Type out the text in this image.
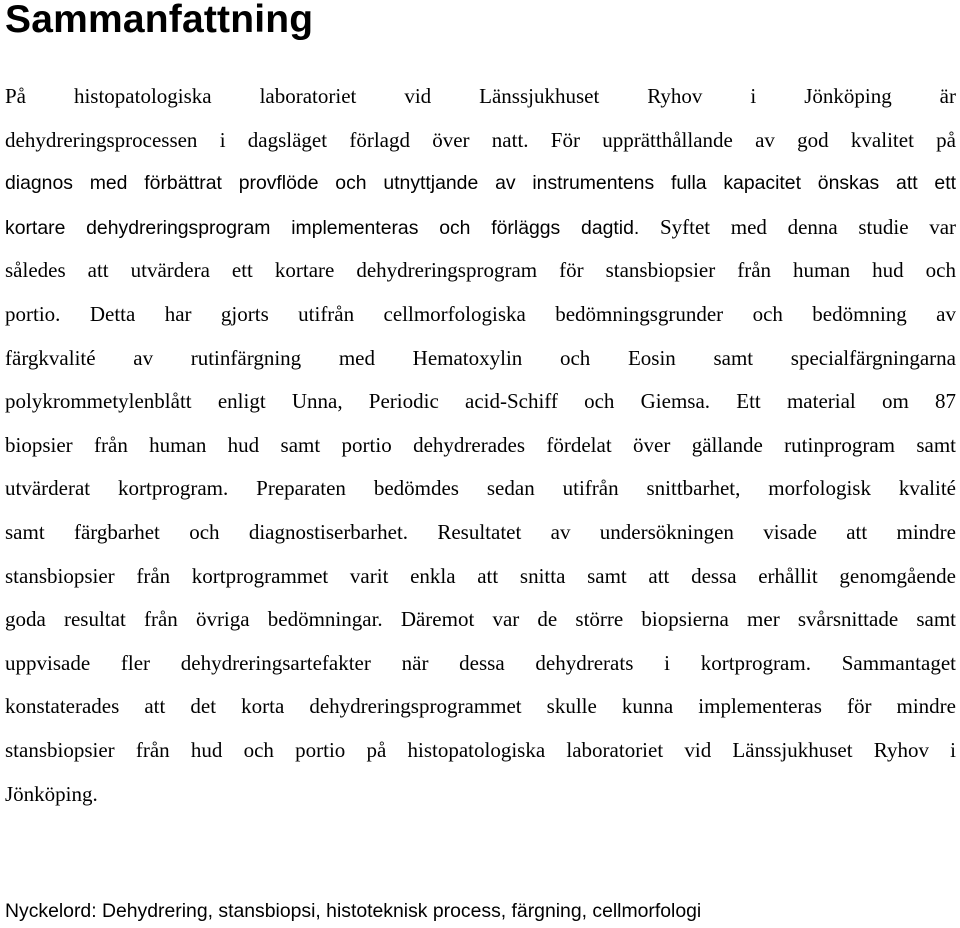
Sammanfattning
På histopatologiska laboratoriet vid Länssjukhuset Ryhov i Jönköping är
dehydreringsprocessen i dagsläget förlagd över natt. För upprätthållande av god kvalitet på
diagnos med förbättrat provflöde och utnyttjande av instrumentens fulla kapacitet önskas att ett
kortare dehydreringsprogram implementeras och förläggs dagtid. Syftet med denna studie var
således att utvärdera ett kortare dehydreringsprogram för stansbiopsier från human hud och
portio. Detta har gjorts utifrån cellmorfologiska bedömningsgrunder och bedömning av
färgkvalité av rutinfärgning med Hematoxylin och Eosin samt specialfärgningarna
polykrommetylenblått enligt Unna, Periodic acid-Schiff och Giemsa. Ett material om 87
biopsier från human hud samt portio dehydrerades fördelat över gällande rutinprogram samt
utvärderat kortprogram. Preparaten bedömdes sedan utifrån snittbarhet, morfologisk kvalité
samt färgbarhet och diagnostiserbarhet. Resultatet av undersökningen visade att mindre
stansbiopsier från kortprogrammet varit enkla att snitta samt att dessa erhållit genomgående
goda resultat från övriga bedömningar. Däremot var de större biopsierna mer svårsnittade samt
uppvisade fler dehydreringsartefakter när dessa dehydrerats i kortprogram. Sammantaget
konstaterades att det korta dehydreringsprogrammet skulle kunna implementeras för mindre
stansbiopsier från hud och portio på histopatologiska laboratoriet vid Länssjukhuset Ryhov i
Jönköping.
Nyckelord: Dehydrering, stansbiopsi, histoteknisk process, färgning, cellmorfologi
